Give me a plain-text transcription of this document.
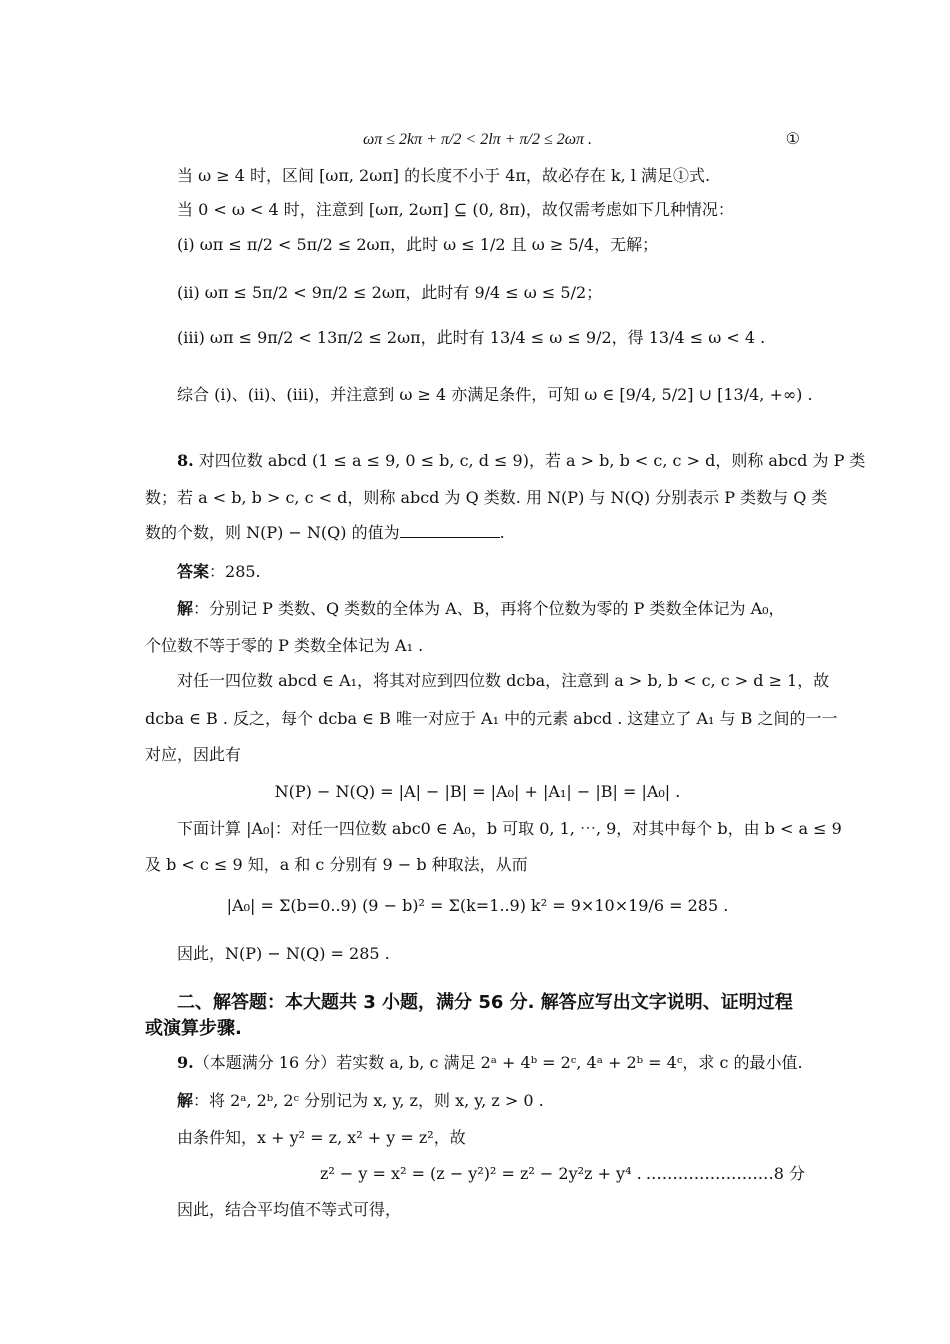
ωπ ≤ 2kπ + π/2 < 2lπ + π/2 ≤ 2ωπ .	①
当 ω ≥ 4 时，区间 [ωπ, 2ωπ] 的长度不小于 4π，故必存在 k, l 满足①式.
当 0 < ω < 4 时，注意到 [ωπ, 2ωπ] ⊆ (0, 8π)，故仅需考虑如下几种情况：
(ⅰ) ωπ ≤ π/2 < 5π/2 ≤ 2ωπ，此时 ω ≤ 1/2 且 ω ≥ 5/4，无解；
(ⅱ) ωπ ≤ 5π/2 < 9π/2 ≤ 2ωπ，此时有 9/4 ≤ ω ≤ 5/2；
(ⅲ) ωπ ≤ 9π/2 < 13π/2 ≤ 2ωπ，此时有 13/4 ≤ ω ≤ 9/2，得 13/4 ≤ ω < 4 .
综合 (ⅰ)、(ⅱ)、(ⅲ)，并注意到 ω ≥ 4 亦满足条件，可知 ω ∈ [9/4, 5/2] ∪ [13/4, +∞) .
8. 对四位数 abcd (1 ≤ a ≤ 9, 0 ≤ b, c, d ≤ 9)，若 a > b, b < c, c > d，则称 abcd 为 P 类
数；若 a < b, b > c, c < d，则称 abcd 为 Q 类数. 用 N(P) 与 N(Q) 分别表示 P 类数与 Q 类
数的个数，则 N(P) − N(Q) 的值为	.
答案：285.
解：分别记 P 类数、Q 类数的全体为 A、B，再将个位数为零的 P 类数全体记为 A₀，
个位数不等于零的 P 类数全体记为 A₁ .
对任一四位数 abcd ∈ A₁，将其对应到四位数 dcba，注意到 a > b, b < c, c > d ≥ 1，故
dcba ∈ B . 反之，每个 dcba ∈ B 唯一对应于 A₁ 中的元素 abcd . 这建立了 A₁ 与 B 之间的一一
对应，因此有
N(P) − N(Q) = |A| − |B| = |A₀| + |A₁| − |B| = |A₀| .
下面计算 |A₀|：对任一四位数 abc0 ∈ A₀，b 可取 0, 1, ⋯, 9，对其中每个 b，由 b < a ≤ 9
及 b < c ≤ 9 知，a 和 c 分别有 9 − b 种取法，从而
|A₀| = Σ(b=0..9) (9 − b)² = Σ(k=1..9) k² = 9×10×19/6 = 285 .
因此，N(P) − N(Q) = 285 .
二、解答题：本大题共 3 小题，满分 56 分. 解答应写出文字说明、证明过程
或演算步骤.
9.（本题满分 16 分）若实数 a, b, c 满足 2ᵃ + 4ᵇ = 2ᶜ, 4ᵃ + 2ᵇ = 4ᶜ，求 c 的最小值.
解：将 2ᵃ, 2ᵇ, 2ᶜ 分别记为 x, y, z，则 x, y, z > 0 .
由条件知，x + y² = z, x² + y = z²，故
z² − y = x² = (z − y²)² = z² − 2y²z + y⁴ . ……………………8 分
因此，结合平均值不等式可得，
